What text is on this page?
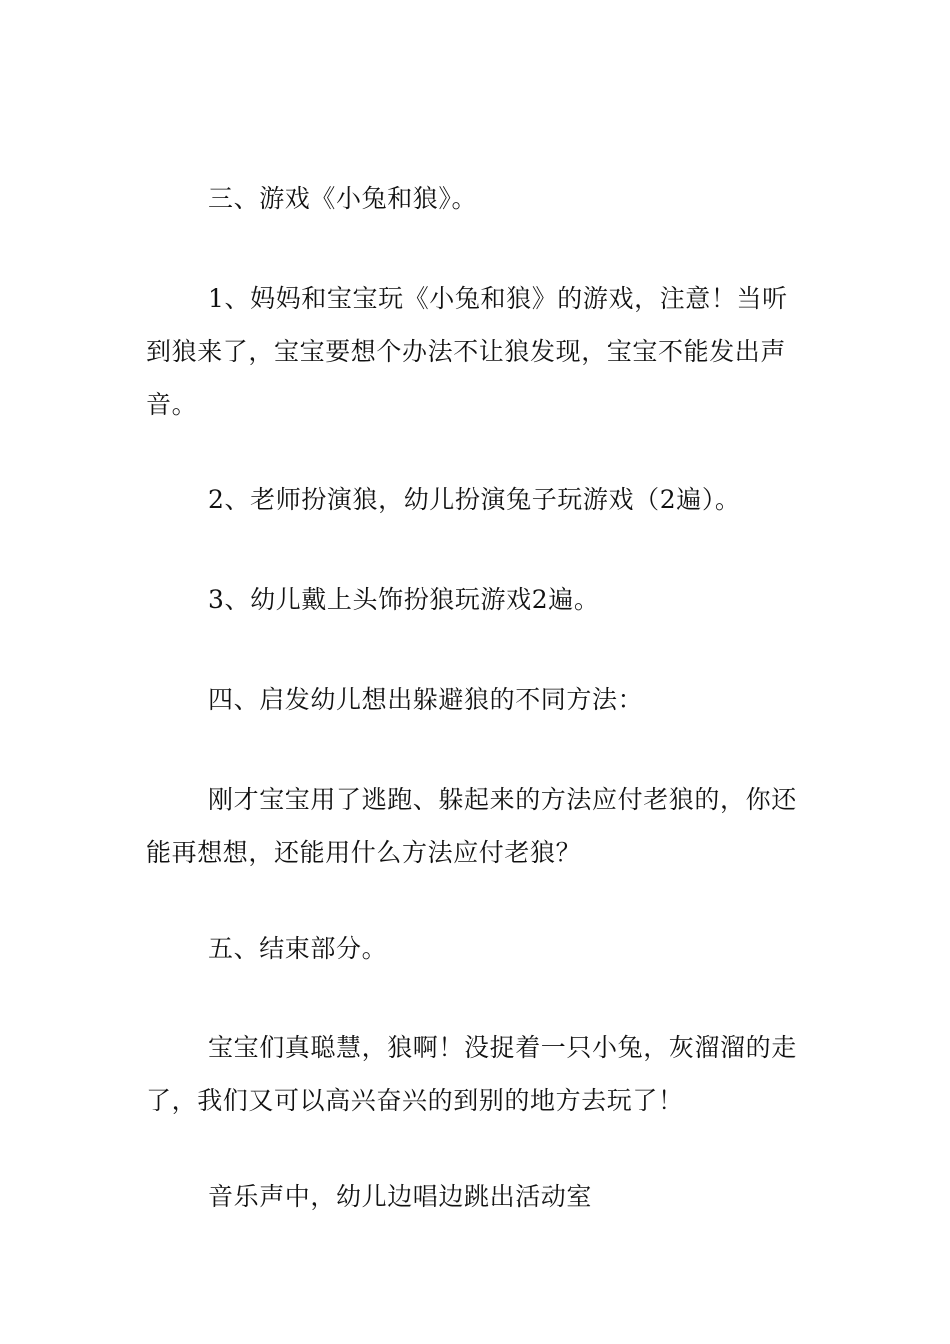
三、游戏《小兔和狼》。

1、妈妈和宝宝玩《小兔和狼》的游戏，注意！当听
到狼来了，宝宝要想个办法不让狼发现，宝宝不能发出声
音。

2、老师扮演狼，幼儿扮演兔子玩游戏（2遍）。

3、幼儿戴上头饰扮狼玩游戏2遍。

四、启发幼儿想出躲避狼的不同方法：

刚才宝宝用了逃跑、躲起来的方法应付老狼的，你还
能再想想，还能用什么方法应付老狼？

五、结束部分。

宝宝们真聪慧，狼啊！没捉着一只小兔，灰溜溜的走
了，我们又可以高兴奋兴的到别的地方去玩了！

音乐声中，幼儿边唱边跳出活动室
